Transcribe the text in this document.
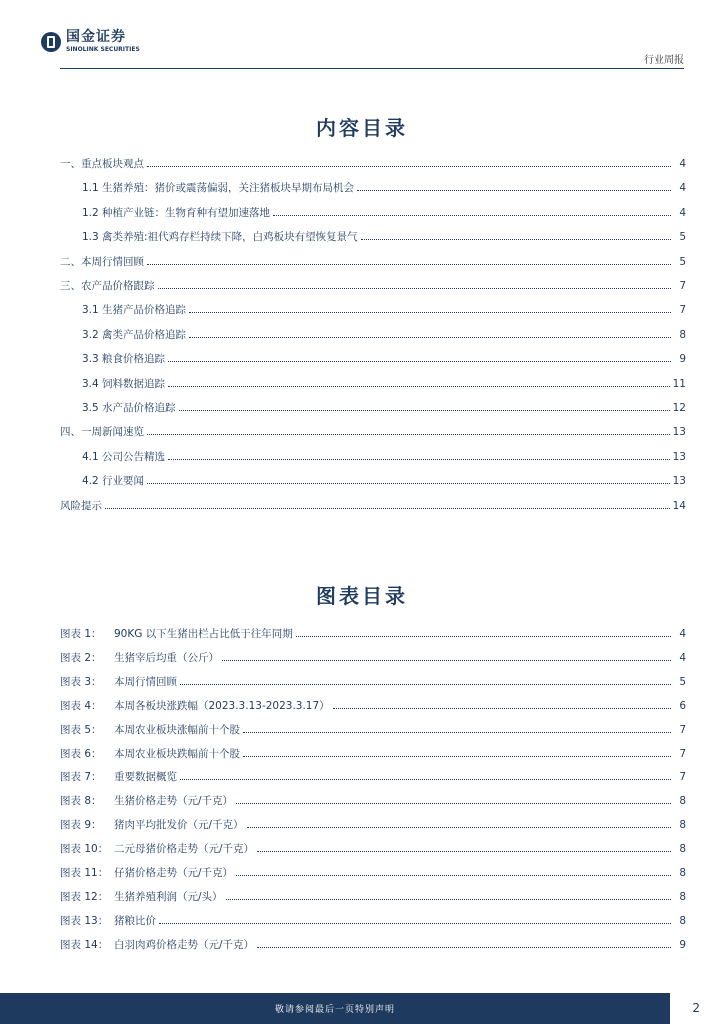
国金证券
SINOLINK SECURITIES
行业周报
内容目录
一、重点板块观点	4
1.1 生猪养殖：猪价或震荡偏弱，关注猪板块早期布局机会	4
1.2 种植产业链：生物育种有望加速落地	4
1.3 禽类养殖:祖代鸡存栏持续下降，白鸡板块有望恢复景气	5
二、本周行情回顾	5
三、农产品价格跟踪	7
3.1 生猪产品价格追踪	7
3.2 禽类产品价格追踪	8
3.3 粮食价格追踪	9
3.4 饲料数据追踪	11
3.5 水产品价格追踪	12
四、一周新闻速览	13
4.1 公司公告精选	13
4.2 行业要闻	13
风险提示	14
图表目录
图表 1：	90KG 以下生猪出栏占比低于往年同期	4
图表 2：	生猪宰后均重（公斤）	4
图表 3：	本周行情回顾	5
图表 4：	本周各板块涨跌幅（2023.3.13-2023.3.17）	6
图表 5：	本周农业板块涨幅前十个股	7
图表 6：	本周农业板块跌幅前十个股	7
图表 7：	重要数据概览	7
图表 8：	生猪价格走势（元/千克）	8
图表 9：	猪肉平均批发价（元/千克）	8
图表 10： 二元母猪价格走势（元/千克）	8
图表 11： 仔猪价格走势（元/千克）	8
图表 12： 生猪养殖利润（元/头）	8
图表 13： 猪粮比价	8
图表 14： 白羽肉鸡价格走势（元/千克）	9
敬请参阅最后一页特别声明	2
